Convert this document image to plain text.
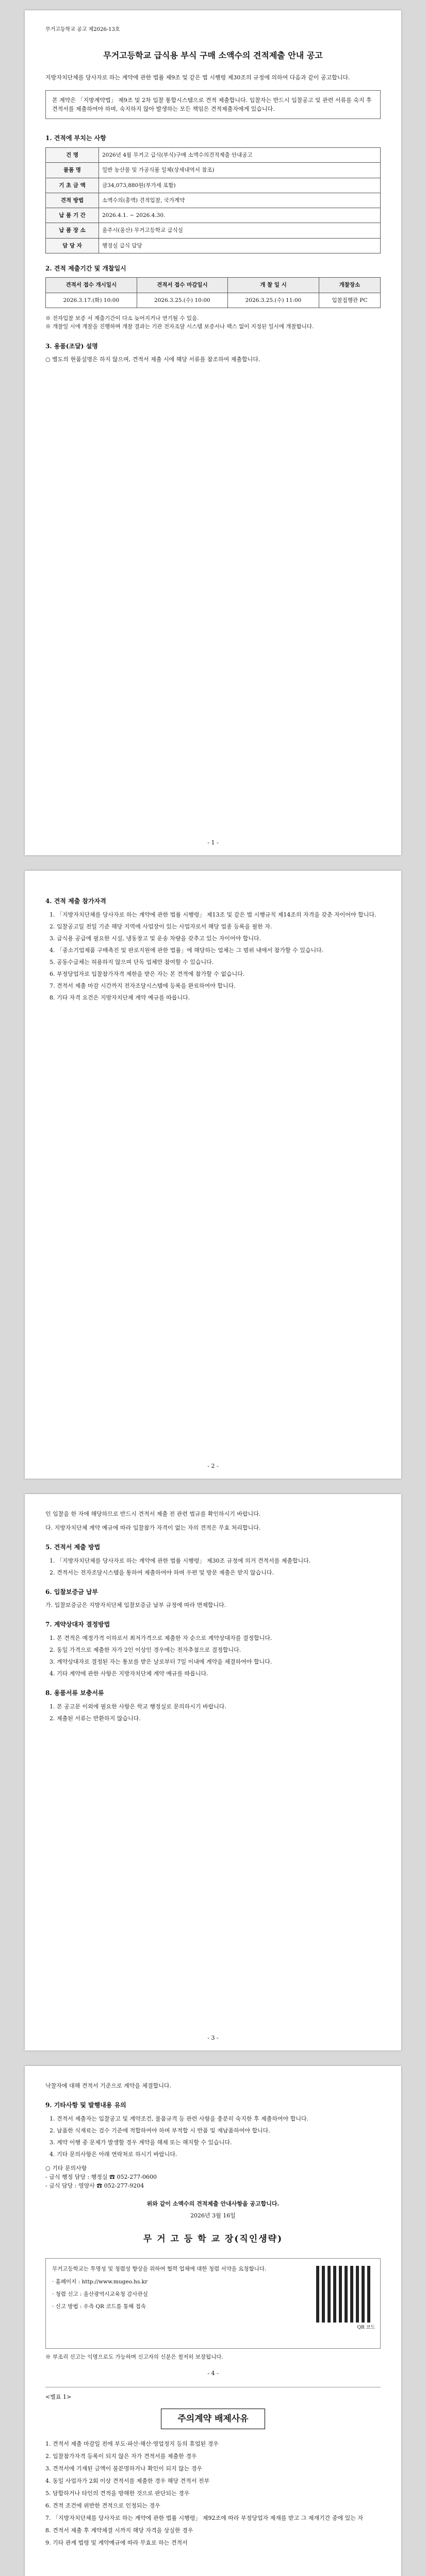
무거고등학교 공고 제2026-13호
무거고등학교 급식용 부식 구매 소액수의 견적제출 안내 공고

지방자치단체를 당사자로 하는 계약에 관한 법률 제9조 및 같은 법 시행령 제30조의 규정에 의하여 다음과 같이 공고합니다.

본 계약은 「지방계약법」 제9조 및 2차 입찰 통합시스템으로 견적 제출합니다. 입찰자는 반드시 입찰공고 및 관련 서류를 숙지 후 견적서를 제출하여야 하며, 숙지하지 않아 발생하는 모든 책임은 견적제출자에게 있습니다.
1. 견적에 부치는 사항
건 명	2026년 4월 무거고 급식(부식)구매 소액수의견적제출 안내공고
물품 명	일반 농산물 및 가공식품 일체(상세내역서 참조)
기 초 금 액	금34,073,880원(부가세 포함)
견적 방법	소액수의(총액) 견적입찰, 국가계약
납 품 기 간	2026.4.1. ~ 2026.4.30.
납 품 장 소	울주시(울산) 무거고등학교 급식실
담 당 자	행정실 급식 담당
2. 견적 제출기간 및 개찰일시
견적서 접수 개시일시	견적서 접수 마감일시	개 찰 일 시	개찰장소
2026.3.17.(화) 10:00	2026.3.25.(수) 10:00	2026.3.25.(수) 11:00	입찰집행관 PC
※ 전자입찰 보증 서 제출기간이 다소 늦어지거나 연기될 수 있음.
※ 개찰일 시에 개찰을 진행하며 개찰 결과는 기관 전자조달 시스템 보증서나 팩스 없이 지정된 일시에 개찰합니다.
3. 용품(조달) 설명

○ 별도의 현품설명은 하지 않으며, 견적서 제출 시에 해당 서류를 참조하여 제출합니다.

- 1 -
4. 견적 제출 참가자격
1. 「지방자치단체를 당사자로 하는 계약에 관한 법률 시행령」 제13조 및 같은 법 시행규칙 제14조의 자격을 갖춘 자이어야 합니다.
2. 입찰공고일 전일 기준 해당 지역에 사업장이 있는 사업자로서 해당 업종 등록을 필한 자.
3. 급식용 공급에 필요한 시설, 냉동창고 및 운송 차량을 갖추고 있는 자이어야 합니다.
4. 「중소기업제품 구매촉진 및 판로지원에 관한 법률」에 해당하는 업체는 그 범위 내에서 참가할 수 있습니다.
5. 공동수급체는 허용하지 않으며 단독 업체만 참여할 수 있습니다.
6. 부정당업자로 입찰참가자격 제한을 받은 자는 본 견적에 참가할 수 없습니다.
7. 견적서 제출 마감 시간까지 전자조달시스템에 등록을 완료하여야 합니다.
8. 기타 자격 요건은 지방자치단체 계약 예규를 따릅니다.
- 2 -

인 입찰을 한 자에 해당하므로 반드시 견적서 제출 전 관련 법규를 확인하시기 바랍니다.

다. 지방자치단체 계약 예규에 따라 입찰참가 자격이 없는 자의 견적은 무효 처리합니다.

5. 견적서 제출 방법
1. 「지방자치단체를 당사자로 하는 계약에 관한 법률 시행령」 제30조 규정에 의거 견적서를 제출합니다.
2. 견적서는 전자조달시스템을 통하여 제출하여야 하며 우편 및 방문 제출은 받지 않습니다.
6. 입찰보증금 납부

가. 입찰보증금은 지방자치단체 입찰보증금 납부 규정에 따라 면제합니다.

7. 계약상대자 결정방법
1. 본 견적은 예정가격 이하로서 최저가격으로 제출한 자 순으로 계약상대자를 결정합니다.
2. 동일 가격으로 제출한 자가 2인 이상인 경우에는 전자추첨으로 결정합니다.
3. 계약상대자로 결정된 자는 통보를 받은 날로부터 7일 이내에 계약을 체결하여야 합니다.
4. 기타 계약에 관한 사항은 지방자치단체 계약 예규를 따릅니다.
8. 용품서류 보충서류
1. 본 공고문 이외에 필요한 사항은 학교 행정실로 문의하시기 바랍니다.
2. 제출된 서류는 반환하지 않습니다.
- 3 -

낙찰자에 대해 견적서 기준으로 계약을 체결합니다.

9. 기타사항 및 발행내용 유의
1. 견적서 제출자는 입찰공고 및 계약조건, 물품규격 등 관련 사항을 충분히 숙지한 후 제출하여야 합니다.
2. 납품한 식재료는 검수 기준에 적합하여야 하며 부적합 시 반품 및 재납품하여야 합니다.
3. 계약 이행 중 문제가 발생할 경우 계약을 해제 또는 해지할 수 있습니다.
4. 기타 문의사항은 아래 연락처로 하시기 바랍니다.
○ 기타 문의사항
- 급식 행정 담당 : 행정실 ☎ 052-277-0600
- 급식 담당 : 영양사 ☎ 052-277-9204
위와 같이 소액수의 견적제출 안내사항을 공고합니다.
2026년 3월 16일
무 거 고 등 학 교 장(직인생략)
무거고등학교는 투명성 및 청렴성 향상을 위하여 협력 업체에 대한 청렴 서약을 요청합니다.
· 홈페이지 : http://www.mugeo.hs.kr
· 청렴 신고 : 울산광역시교육청 감사관실
· 신고 방법 : 우측 QR 코드를 통해 접속
QR 코드

※ 부조리 신고는 익명으로도 가능하며 신고자의 신분은 철저히 보장됩니다.

- 4 -
<별표 1>
주의계약 배제사유
1. 견적서 제출 마감일 전에 부도·파산·해산·영업정지 등의 휴업된 경우
2. 입찰참가자격 등록이 되지 않은 자가 견적서를 제출한 경우
3. 견적서에 기재된 금액이 불분명하거나 확인이 되지 않는 경우
4. 동일 사업자가 2회 이상 견적서를 제출한 경우 해당 견적서 전부
5. 담합하거나 타인의 견적을 방해한 것으로 판단되는 경우
6. 견적 조건에 위반한 견적으로 인정되는 경우
7. 「지방자치단체를 당사자로 하는 계약에 관한 법률 시행령」 제92조에 따라 부정당업자 제재를 받고 그 제재기간 중에 있는 자
8. 견적서 제출 후 계약체결 시까지 해당 자격을 상실한 경우
9. 기타 관계 법령 및 계약예규에 따라 무효로 하는 견적서
